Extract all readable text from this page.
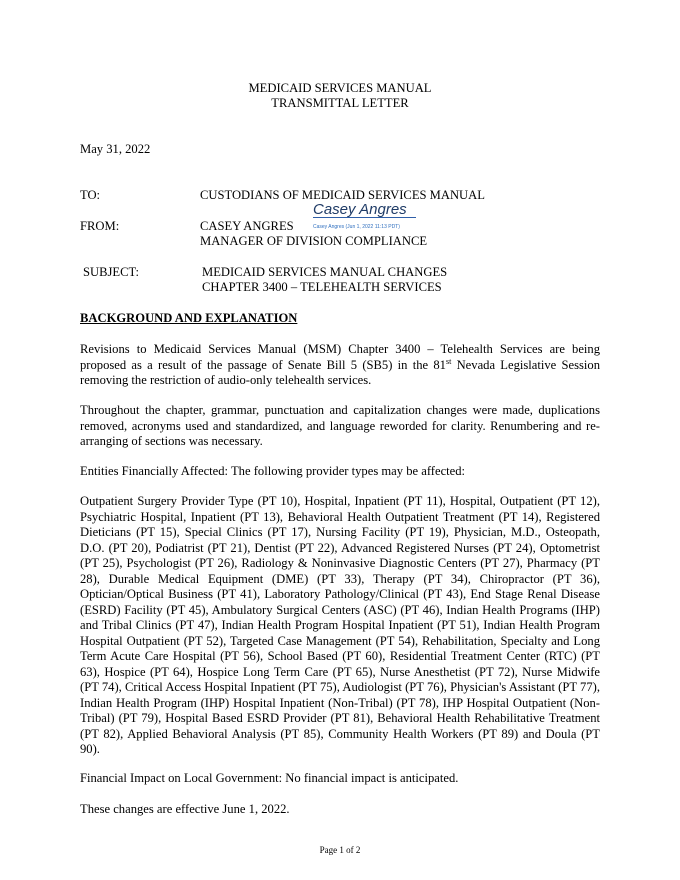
MEDICAID SERVICES MANUAL
TRANSMITTAL LETTER
May 31, 2022
TO:	CUSTODIANS OF MEDICAID SERVICES MANUAL
Casey Angres
Casey Angres (Jun 1, 2022 11:13 PDT)
FROM:	CASEY ANGRES
MANAGER OF DIVISION COMPLIANCE
SUBJECT:	MEDICAID SERVICES MANUAL CHANGES
CHAPTER 3400 – TELEHEALTH SERVICES
BACKGROUND AND EXPLANATION
Revisions to Medicaid Services Manual (MSM) Chapter 3400 – Telehealth Services are being proposed as a result of the passage of Senate Bill 5 (SB5) in the 81st Nevada Legislative Session removing the restriction of audio-only telehealth services.
Throughout the chapter, grammar, punctuation and capitalization changes were made, duplications removed, acronyms used and standardized, and language reworded for clarity. Renumbering and re-arranging of sections was necessary.
Entities Financially Affected: The following provider types may be affected:
Outpatient Surgery Provider Type (PT 10), Hospital, Inpatient (PT 11), Hospital, Outpatient (PT 12), Psychiatric Hospital, Inpatient (PT 13), Behavioral Health Outpatient Treatment (PT 14), Registered Dieticians (PT 15), Special Clinics (PT 17), Nursing Facility (PT 19), Physician, M.D., Osteopath, D.O. (PT 20), Podiatrist (PT 21), Dentist (PT 22), Advanced Registered Nurses (PT 24), Optometrist (PT 25), Psychologist (PT 26), Radiology & Noninvasive Diagnostic Centers (PT 27), Pharmacy (PT 28), Durable Medical Equipment (DME) (PT 33), Therapy (PT 34), Chiropractor (PT 36), Optician/Optical Business (PT 41), Laboratory Pathology/Clinical (PT 43), End Stage Renal Disease (ESRD) Facility (PT 45), Ambulatory Surgical Centers (ASC) (PT 46), Indian Health Programs (IHP) and Tribal Clinics (PT 47), Indian Health Program Hospital Inpatient (PT 51), Indian Health Program Hospital Outpatient (PT 52), Targeted Case Management (PT 54), Rehabilitation, Specialty and Long Term Acute Care Hospital (PT 56), School Based (PT 60), Residential Treatment Center (RTC) (PT 63), Hospice (PT 64), Hospice Long Term Care (PT 65), Nurse Anesthetist (PT 72), Nurse Midwife (PT 74), Critical Access Hospital Inpatient (PT 75), Audiologist (PT 76), Physician's Assistant (PT 77), Indian Health Program (IHP) Hospital Inpatient (Non-Tribal) (PT 78), IHP Hospital Outpatient (Non-Tribal) (PT 79), Hospital Based ESRD Provider (PT 81), Behavioral Health Rehabilitative Treatment (PT 82), Applied Behavioral Analysis (PT 85), Community Health Workers (PT 89) and Doula (PT 90).
Financial Impact on Local Government: No financial impact is anticipated.
These changes are effective June 1, 2022.
Page 1 of 2
